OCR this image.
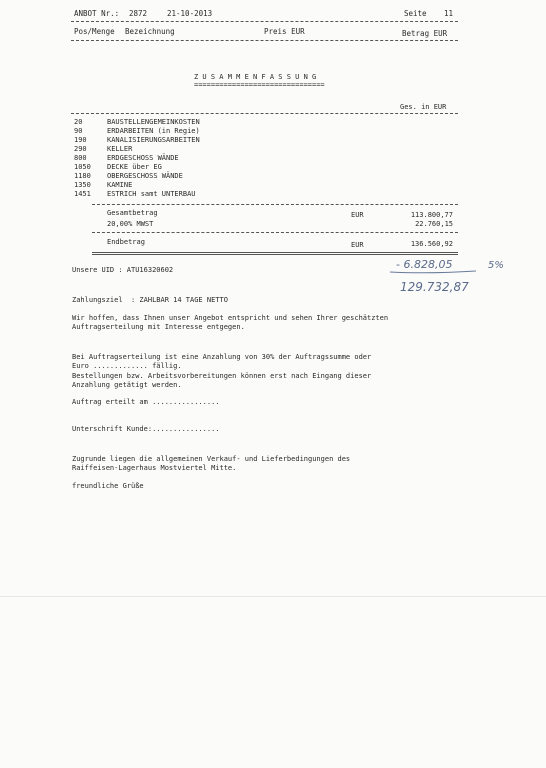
ANBOT Nr.: 2872	21-10-2013	Seite 11
Pos/Menge Bezeichnung	Preis EUR	Betrag EUR
Z U S A M M E N F A S S U N G
===============================
Ges. in EUR
20	BAUSTELLENGEMEINKOSTEN
90	ERDARBEITEN (in Regie)
190	KANALISIERUNGSARBEITEN
290	KELLER
800	ERDGESCHOSS WÄNDE
1050 DECKE über EG
1180 OBERGESCHOSS WÄNDE
1350 KAMINE
1451 ESTRICH samt UNTERBAU
Gesamtbetrag	EUR	113.800,77
20,00% MWST	22.760,15
Endbetrag	EUR	136.560,92
- 6.828,05	5%
129.732,87
Unsere UID : ATU16320602
Zahlungsziel  : ZAHLBAR 14 TAGE NETTO
Wir hoffen, dass Ihnen unser Angebot entspricht und sehen Ihrer geschätzten
Auftragserteilung mit Interesse entgegen.
Bei Auftragserteilung ist eine Anzahlung von 30% der Auftragssumme oder
Euro ............. fällig.
Bestellungen bzw. Arbeitsvorbereitungen können erst nach Eingang dieser
Anzahlung getätigt werden.
Auftrag erteilt am ................
Unterschrift Kunde:................
Zugrunde liegen die allgemeinen Verkauf- und Lieferbedingungen des
Raiffeisen-Lagerhaus Mostviertel Mitte.
freundliche Grüße
